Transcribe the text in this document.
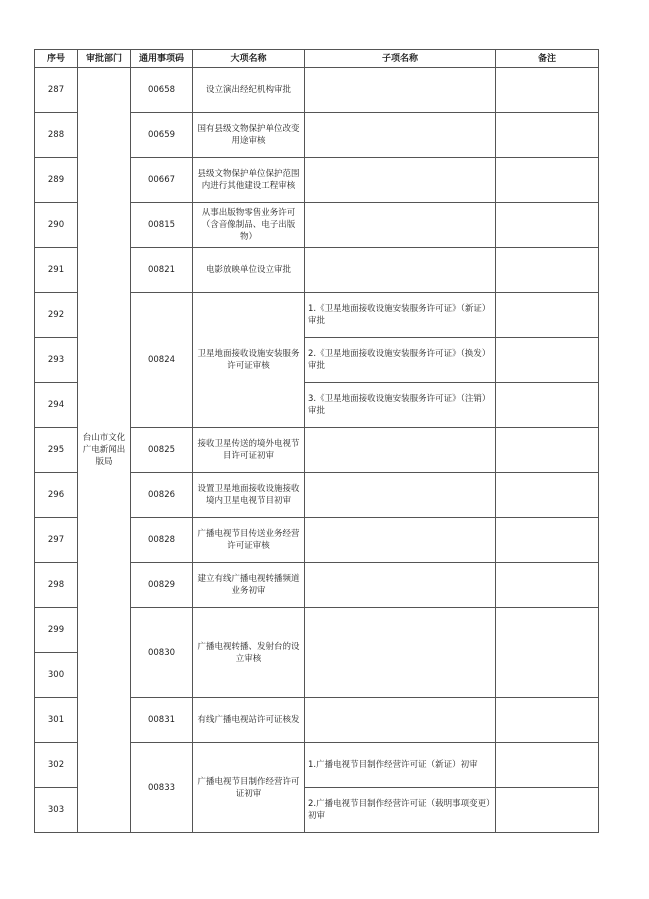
序号	审批部门	通用事项码	大项名称	子项名称	备注
287	台山市文化广电新闻出版局	00658	设立演出经纪机构审批		
288		00659	国有县级文物保护单位改变用途审核		
289		00667	县级文物保护单位保护范围内进行其他建设工程审核		
290		00815	从事出版物零售业务许可（含音像制品、电子出版物）		
291		00821	电影放映单位设立审批		
292		00824	卫星地面接收设施安装服务许可证审核	1.《卫星地面接收设施安装服务许可证》（新证）审批	
293				2.《卫星地面接收设施安装服务许可证》（换发）审批	
294				3.《卫星地面接收设施安装服务许可证》（注销）审批	
295		00825	接收卫星传送的境外电视节目许可证初审		
296		00826	设置卫星地面接收设施接收境内卫星电视节目初审		
297		00828	广播电视节目传送业务经营许可证审核		
298		00829	建立有线广播电视转播频道业务初审		
299		00830	广播电视转播、发射台的设立审核		
300					
301		00831	有线广播电视站许可证核发		
302		00833	广播电视节目制作经营许可证初审	1.广播电视节目制作经营许可证（新证）初审	
303				2.广播电视节目制作经营许可证（载明事项变更）初审	
